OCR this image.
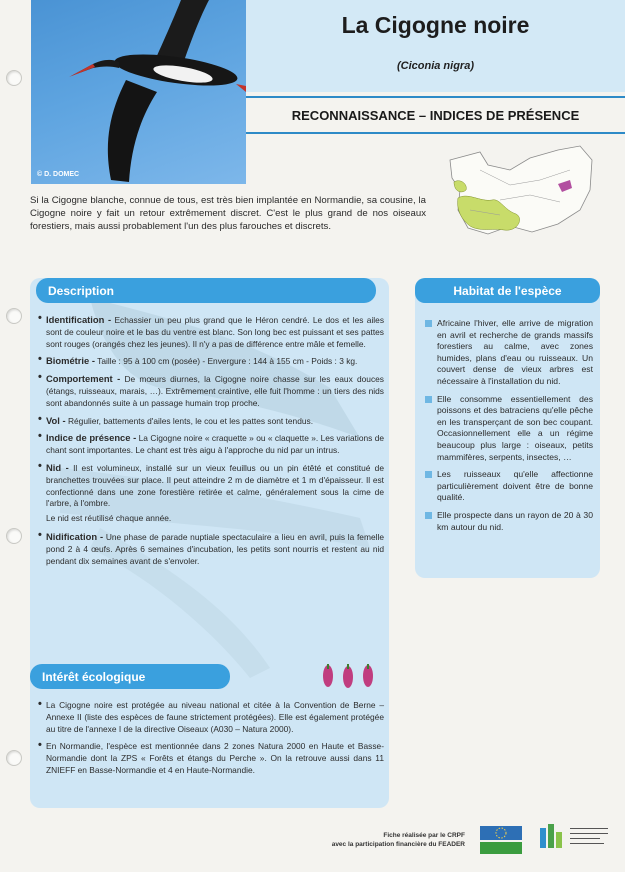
© D. DOMEC
La Cigogne noire
(Ciconia nigra)
RECONNAISSANCE – INDICES DE PRÉSENCE
Si la Cigogne blanche, connue de tous, est très bien implantée en Normandie, sa cousine, la Cigogne noire y fait un retour extrêmement discret. C'est le plus grand de nos oiseaux forestiers, mais aussi probablement l'un des plus farouches et discrets.
Description
• Identification - Echassier un peu plus grand que le Héron cendré. Le dos et les ailes sont de couleur noire et le bas du ventre est blanc. Son long bec est puissant et ses pattes sont rouges (orangés chez les jeunes). Il n'y a pas de différence entre mâle et femelle.
• Biométrie - Taille : 95 à 100 cm (posée) - Envergure : 144 à 155 cm - Poids : 3 kg.
• Comportement - De mœurs diurnes, la Cigogne noire chasse sur les eaux douces (étangs, ruisseaux, marais, …). Extrêmement craintive, elle fuit l'homme : un tiers des nids sont abandonnés suite à un passage humain trop proche.
• Vol - Régulier, battements d'ailes lents, le cou et les pattes sont tendus.
• Indice de présence - La Cigogne noire « craquette » ou « claquette ». Les variations de chant sont importantes. Le chant est très aigu à l'approche du nid par un intrus.
• Nid - Il est volumineux, installé sur un vieux feuillus ou un pin étêté et constitué de branchettes trouvées sur place. Il peut atteindre 2 m de diamètre et 1 m d'épaisseur. Il est confectionné dans une zone forestière retirée et calme, généralement sous la cime de l'arbre, à l'ombre.
Le nid est réutilisé chaque année.
• Nidification - Une phase de parade nuptiale spectaculaire a lieu en avril, puis la femelle pond 2 à 4 œufs. Après 6 semaines d'incubation, les petits sont nourris et restent au nid pendant dix semaines avant de s'envoler.
Intérêt écologique
• La Cigogne noire est protégée au niveau national et citée à la Convention de Berne – Annexe II (liste des espèces de faune strictement protégées). Elle est également protégée au titre de l'annexe I de la directive Oiseaux (A030 – Natura 2000).
• En Normandie, l'espèce est mentionnée dans 2 zones Natura 2000 en Haute et Basse-Normandie dont la ZPS « Forêts et étangs du Perche ». On la retrouve aussi dans 11 ZNIEFF en Basse-Normandie et 4 en Haute-Normandie.
Habitat de l'espèce
Africaine l'hiver, elle arrive de migration en avril et recherche de grands massifs forestiers au calme, avec zones humides, plans d'eau ou ruisseaux. Un couvert dense de vieux arbres est nécessaire à l'installation du nid.
Elle consomme essentiellement des poissons et des batraciens qu'elle pêche en les transperçant de son bec coupant. Occasionnellement elle a un régime beaucoup plus large : oiseaux, petits mammifères, serpents, insectes, …
Les ruisseaux qu'elle affectionne particulièrement doivent être de bonne qualité.
Elle prospecte dans un rayon de 20 à 30 km autour du nid.
Fiche réalisée par le CRPF
avec la participation financière du FEADER
